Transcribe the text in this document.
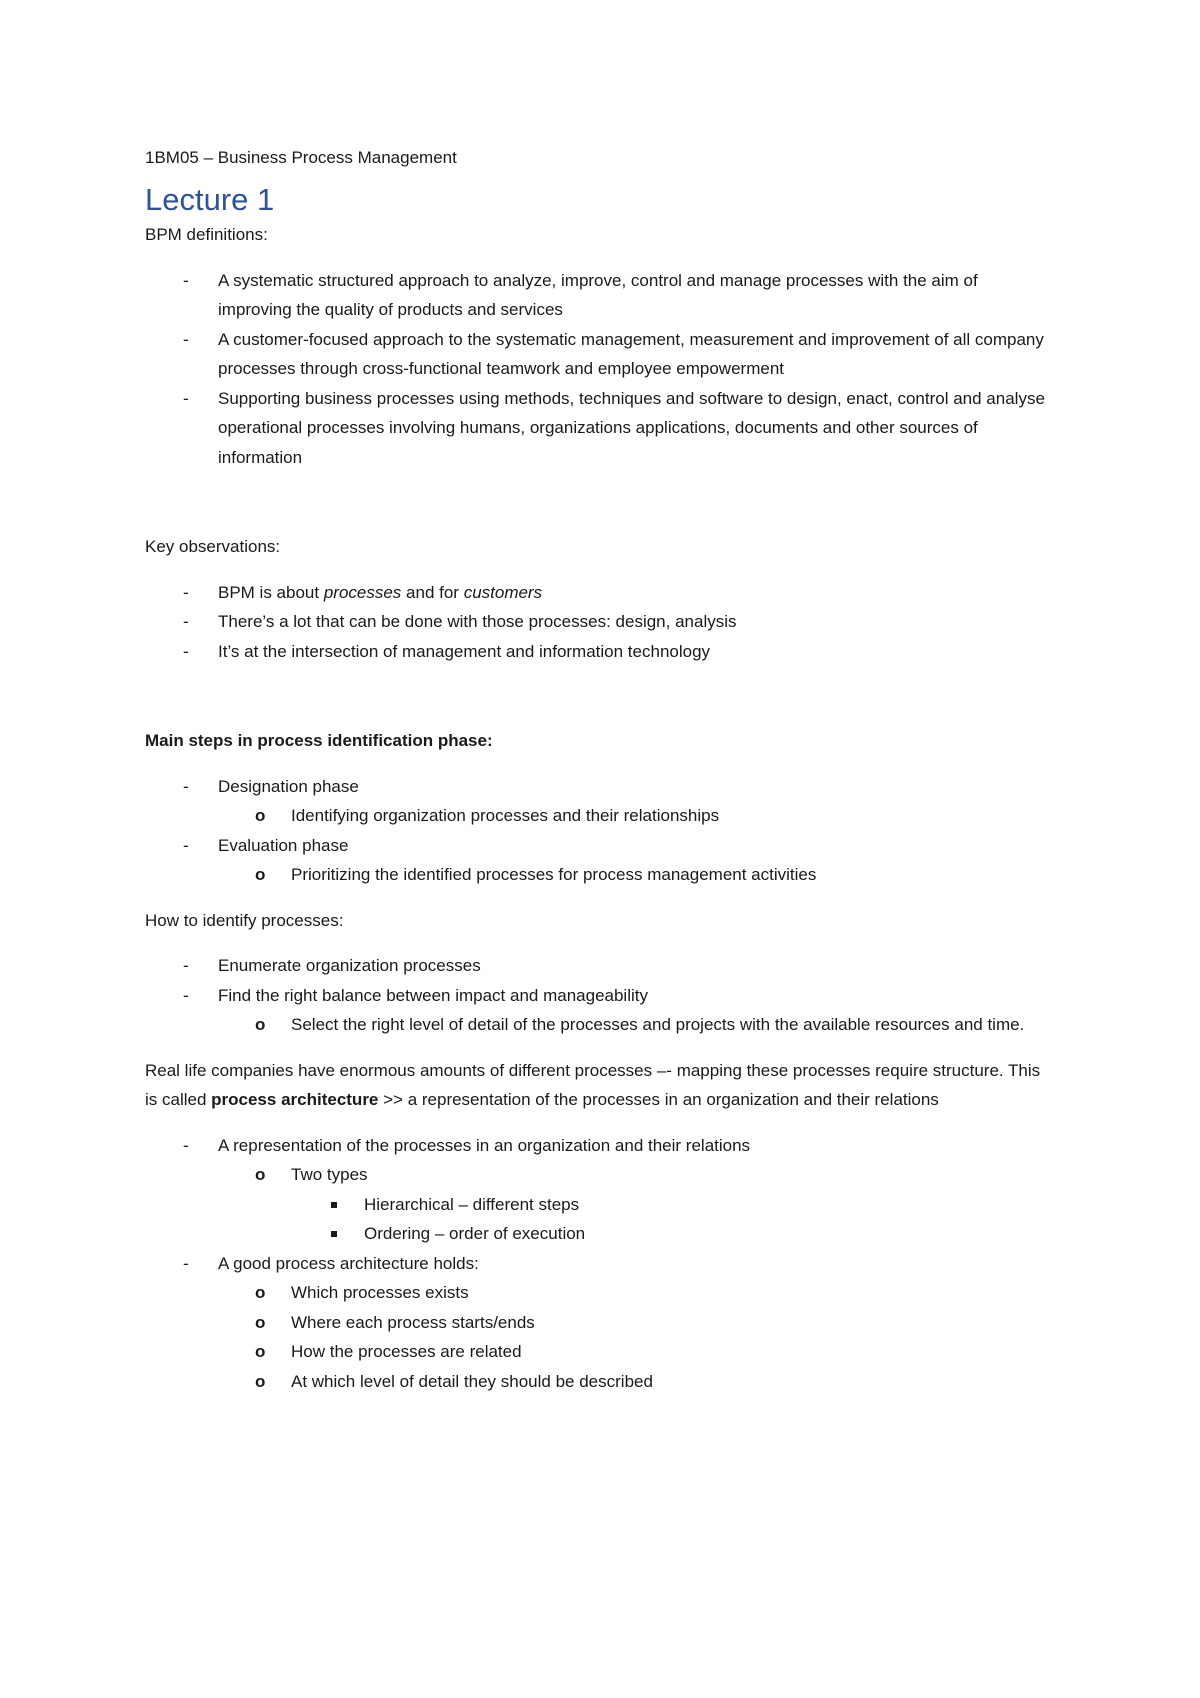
1BM05 – Business Process Management

Lecture 1

BPM definitions:

- A systematic structured approach to analyze, improve, control and manage processes with the aim of improving the quality of products and services
- A customer-focused approach to the systematic management, measurement and improvement of all company processes through cross-functional teamwork and employee empowerment
- Supporting business processes using methods, techniques and software to design, enact, control and analyse operational processes involving humans, organizations applications, documents and other sources of information

Key observations:

- BPM is about processes and for customers
- There’s a lot that can be done with those processes: design, analysis
- It’s at the intersection of management and information technology

Main steps in process identification phase:

- Designation phase
o Identifying organization processes and their relationships
- Evaluation phase
o Prioritizing the identified processes for process management activities

How to identify processes:

- Enumerate organization processes
- Find the right balance between impact and manageability
o Select the right level of detail of the processes and projects with the available resources and time.

Real life companies have enormous amounts of different processes –- mapping these processes require structure. This is called process architecture >> a representation of the processes in an organization and their relations

- A representation of the processes in an organization and their relations
o Two types
Hierarchical – different steps
Ordering – order of execution
- A good process architecture holds:
o Which processes exists
o Where each process starts/ends
o How the processes are related
o At which level of detail they should be described
